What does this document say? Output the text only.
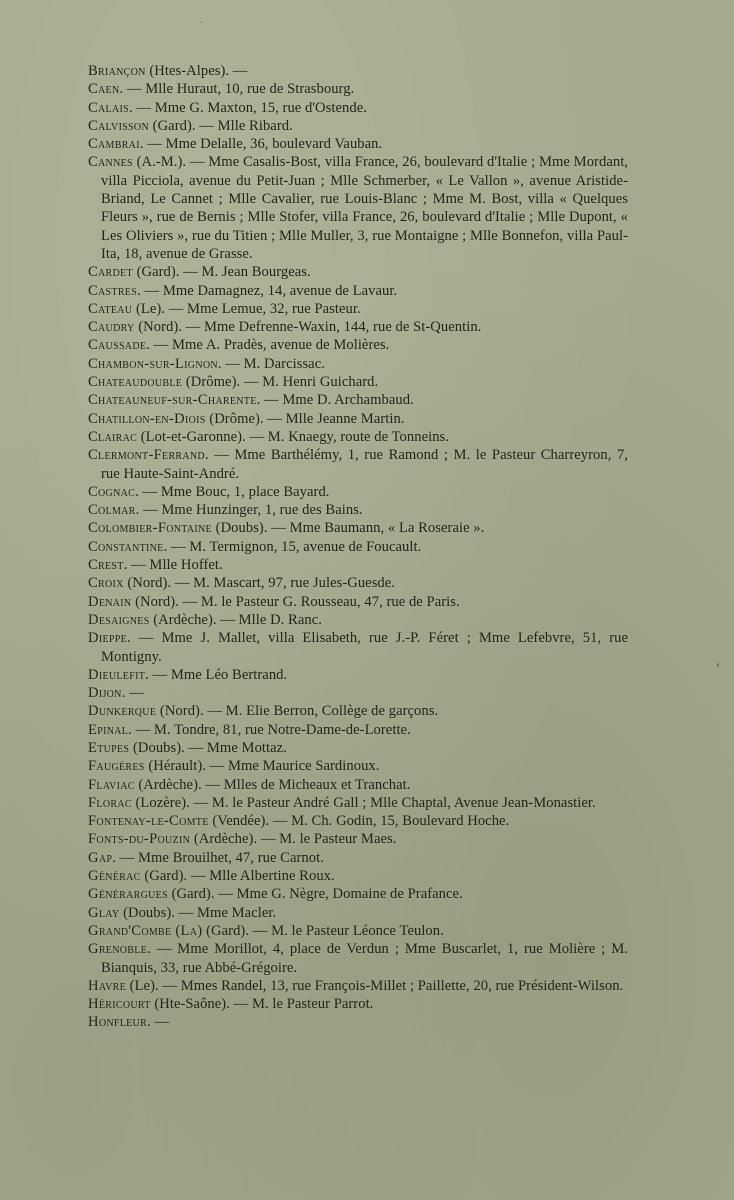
Briançon (Htes-Alpes). —

Caen. — Mlle Huraut, 10, rue de Strasbourg.

Calais. — Mme G. Maxton, 15, rue d'Ostende.

Calvisson (Gard). — Mlle Ribard.

Cambrai. — Mme Delalle, 36, boulevard Vauban.

Cannes (A.-M.). — Mme Casalis-Bost, villa France, 26, boulevard d'Italie ; Mme Mordant, villa Picciola, avenue du Petit-Juan ; Mlle Schmerber, « Le Vallon », avenue Aristide-Briand, Le Cannet ; Mlle Cavalier, rue Louis-Blanc ; Mme M. Bost, villa « Quelques Fleurs », rue de Bernis ; Mlle Stofer, villa France, 26, boulevard d'Italie ; Mlle Dupont, « Les Oliviers », rue du Titien ; Mlle Muller, 3, rue Montaigne ; Mlle Bonnefon, villa Paul-Ita, 18, avenue de Grasse.

Cardet (Gard). — M. Jean Bourgeas.

Castres. — Mme Damagnez, 14, avenue de Lavaur.

Cateau (Le). — Mme Lemue, 32, rue Pasteur.

Caudry (Nord). — Mme Defrenne-Waxin, 144, rue de St-Quentin.

Caussade. — Mme A. Pradès, avenue de Molières.

Chambon-sur-Lignon. — M. Darcissac.

Chateaudouble (Drôme). — M. Henri Guichard.

Chateauneuf-sur-Charente. — Mme D. Archambaud.

Chatillon-en-Diois (Drôme). — Mlle Jeanne Martin.

Clairac (Lot-et-Garonne). — M. Knaegy, route de Tonneins.

Clermont-Ferrand. — Mme Barthélémy, 1, rue Ramond ; M. le Pasteur Charreyron, 7, rue Haute-Saint-André.

Cognac. — Mme Bouc, 1, place Bayard.

Colmar. — Mme Hunzinger, 1, rue des Bains.

Colombier-Fontaine (Doubs). — Mme Baumann, « La Roseraie ».

Constantine. — M. Termignon, 15, avenue de Foucault.

Crest. — Mlle Hoffet.

Croix (Nord). — M. Mascart, 97, rue Jules-Guesde.

Denain (Nord). — M. le Pasteur G. Rousseau, 47, rue de Paris.

Desaignes (Ardèche). — Mlle D. Ranc.

Dieppe. — Mme J. Mallet, villa Elisabeth, rue J.-P. Féret ; Mme Lefebvre, 51, rue Montigny.

Dieulefit. — Mme Léo Bertrand.

Dijon. —

Dunkerque (Nord). — M. Elie Berron, Collège de garçons.

Epinal. — M. Tondre, 81, rue Notre-Dame-de-Lorette.

Etupes (Doubs). — Mme Mottaz.

Faugères (Hérault). — Mme Maurice Sardinoux.

Flaviac (Ardèche). — Mlles de Micheaux et Tranchat.

Florac (Lozère). — M. le Pasteur André Gall ; Mlle Chaptal, Avenue Jean-Monastier.

Fontenay-le-Comte (Vendée). — M. Ch. Godin, 15, Boulevard Hoche.

Fonts-du-Pouzin (Ardèche). — M. le Pasteur Maes.

Gap. — Mme Brouilhet, 47, rue Carnot.

Générac (Gard). — Mlle Albertine Roux.

Générargues (Gard). — Mme G. Nègre, Domaine de Prafance.

Glay (Doubs). — Mme Macler.

Grand'Combe (La) (Gard). — M. le Pasteur Léonce Teulon.

Grenoble. — Mme Morillot, 4, place de Verdun ; Mme Buscarlet, 1, rue Molière ; M. Bianquis, 33, rue Abbé-Grégoire.

Havre (Le). — Mmes Randel, 13, rue François-Millet ; Paillette, 20, rue Président-Wilson.

Héricourt (Hte-Saône). — M. le Pasteur Parrot.

Honfleur. —

·
‹
